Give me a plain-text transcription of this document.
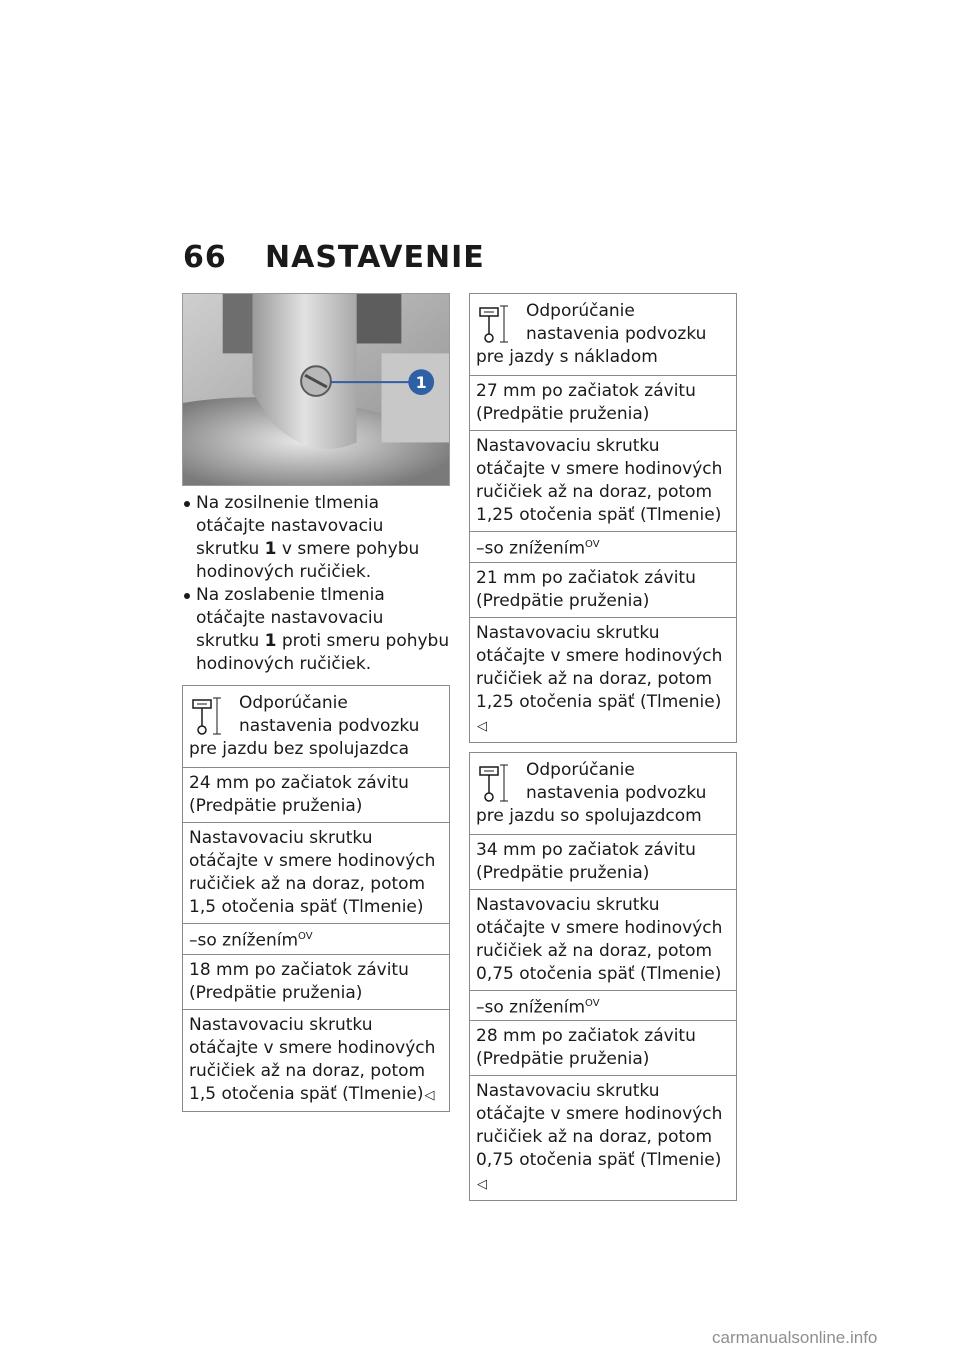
66	NASTAVENIE
1
Na zosilnenie tlmenia otáčajte nastavovaciu skrutku 1 v smere pohybu hodinových ručičiek.
Na zoslabenie tlmenia otáčajte nastavovaciu skrutku 1 proti smeru pohybu hodinových ručičiek.
Odporúčanie nastavenia podvozku pre jazdu bez spolujazdca
24 mm po začiatok závitu (Predpätie pruženia)
Nastavovaciu skrutku otáčajte v smere hodinových ručičiek až na doraz, potom 1,5 otočenia späť (Tlmenie)
–so znížením$^{OV}$
18 mm po začiatok závitu (Predpätie pruženia)
Nastavovaciu skrutku otáčajte v smere hodinových ručičiek až na doraz, potom 1,5 otočenia späť (Tlmenie)◁
Odporúčanie nastavenia podvozku pre jazdy s nákladom
27 mm po začiatok závitu (Predpätie pruženia)
Nastavovaciu skrutku otáčajte v smere hodinových ručičiek až na doraz, potom 1,25 otočenia späť (Tlmenie)
–so znížením$^{OV}$
21 mm po začiatok závitu (Predpätie pruženia)
Nastavovaciu skrutku otáčajte v smere hodinových ručičiek až na doraz, potom 1,25 otočenia späť (Tlmenie)◁
Odporúčanie nastavenia podvozku pre jazdu so spolujazdcom
34 mm po začiatok závitu (Predpätie pruženia)
Nastavovaciu skrutku otáčajte v smere hodinových ručičiek až na doraz, potom 0,75 otočenia späť (Tlmenie)
–so znížením$^{OV}$
28 mm po začiatok závitu (Predpätie pruženia)
Nastavovaciu skrutku otáčajte v smere hodinových ručičiek až na doraz, potom 0,75 otočenia späť (Tlmenie)◁
carmanualsonline.info
